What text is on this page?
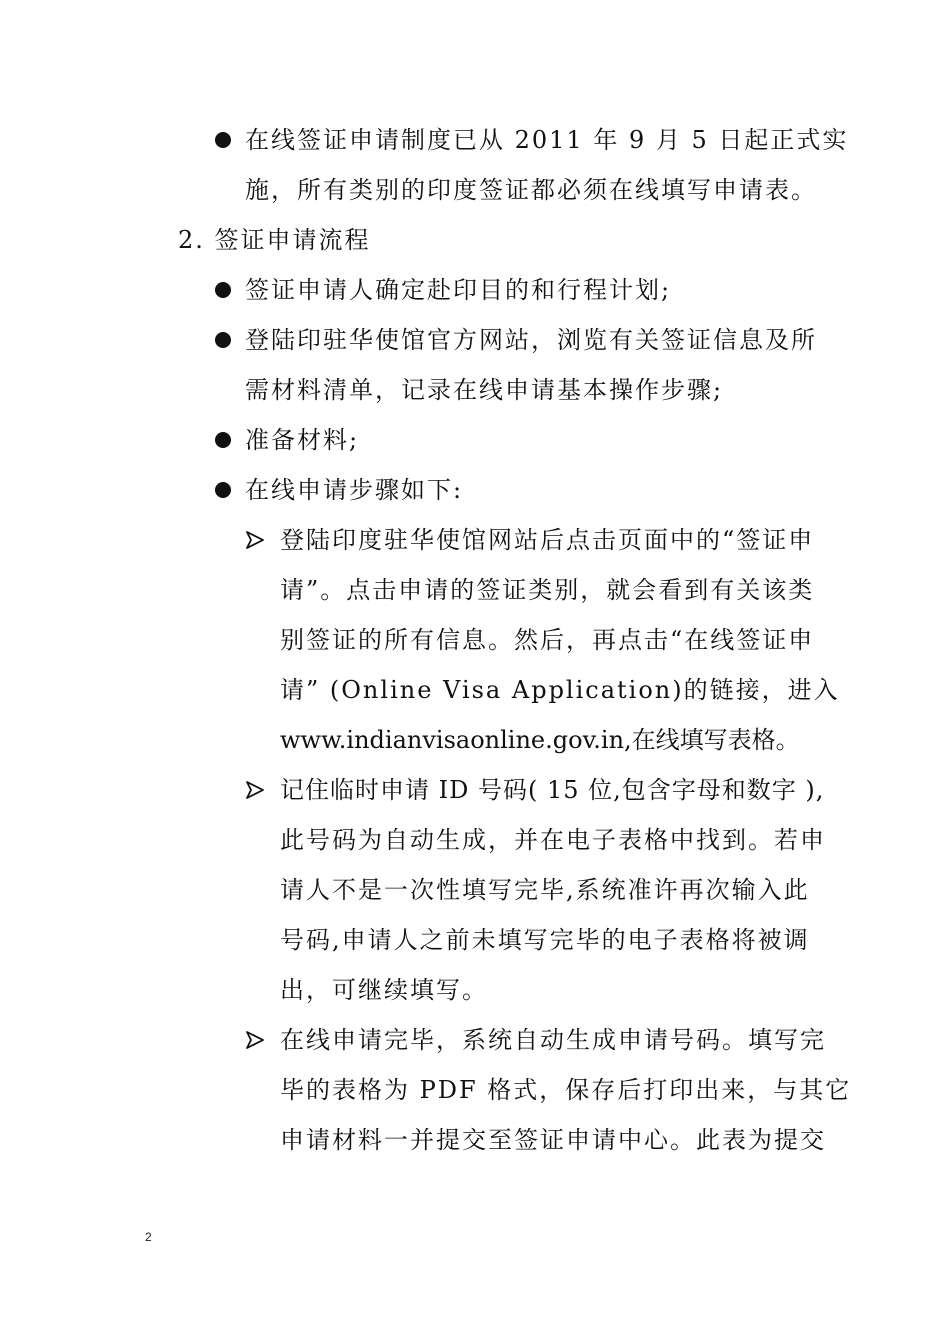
在线签证申请制度已从 2011 年 9 月 5 日起正式实
施，所有类别的印度签证都必须在线填写申请表。
2. 签证申请流程
签证申请人确定赴印目的和行程计划;
登陆印驻华使馆官方网站，浏览有关签证信息及所
需材料清单，记录在线申请基本操作步骤;
准备材料;
在线申请步骤如下:
登陆印度驻华使馆网站后点击页面中的“签证申
请”。点击申请的签证类别，就会看到有关该类
别签证的所有信息。然后，再点击“在线签证申
请” (Online Visa Application)的链接，进入
www.indianvisaonline.gov.in,在线填写表格。
记住临时申请 ID 号码( 15 位,包含字母和数字 ),
此号码为自动生成，并在电子表格中找到。若申
请人不是一次性填写完毕,系统准许再次输入此
号码,申请人之前未填写完毕的电子表格将被调
出，可继续填写。
在线申请完毕，系统自动生成申请号码。填写完
毕的表格为 PDF 格式，保存后打印出来，与其它
申请材料一并提交至签证申请中心。此表为提交
2
